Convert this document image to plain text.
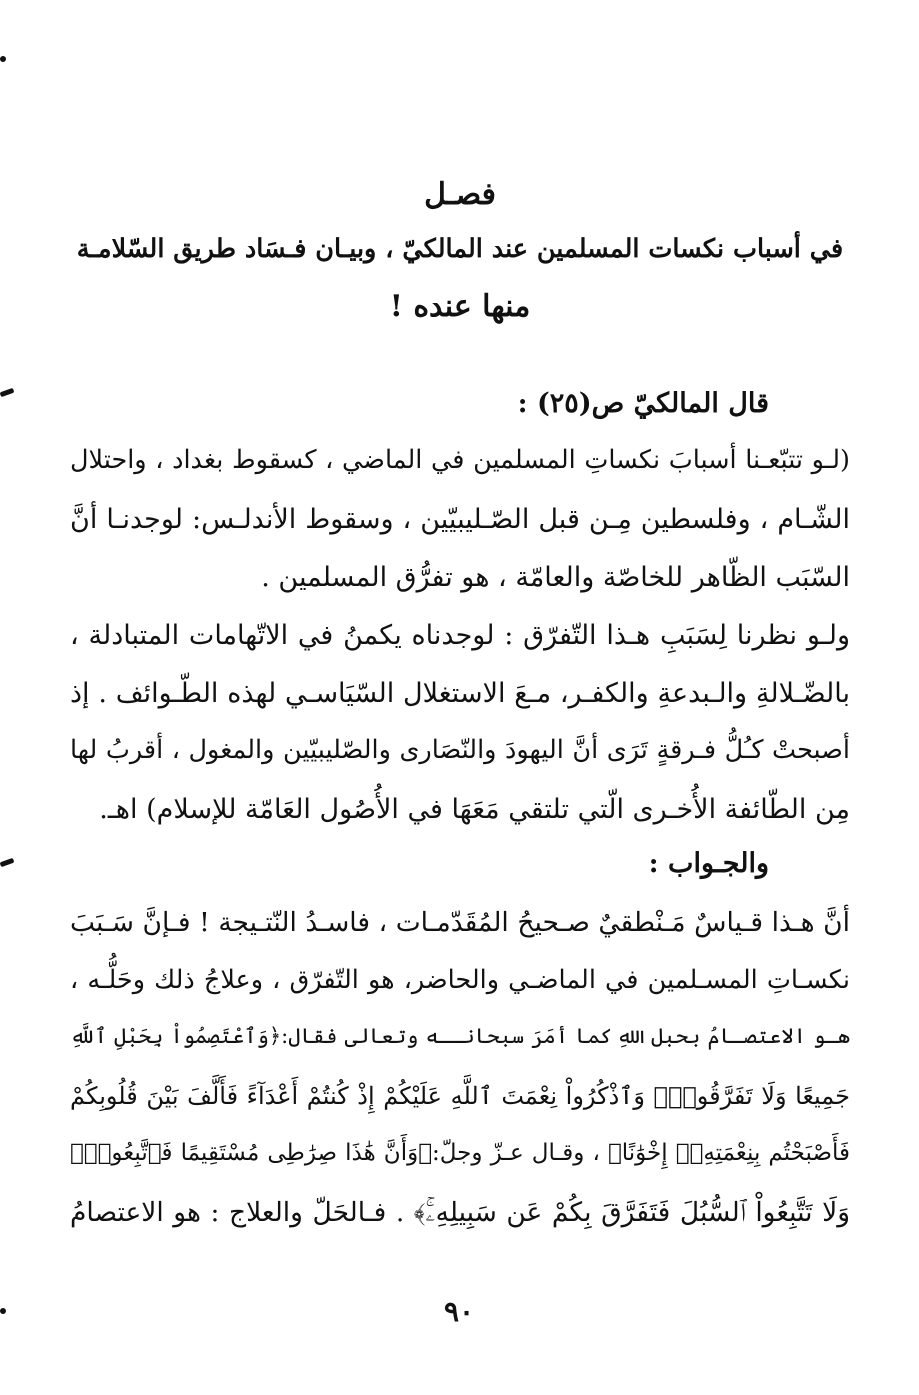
فصـل
في أسباب نكسات المسلمين عند المالكيّ ، وبيـان فـسَاد طريق السّلامـة
منها عنده !
قال المالكيّ ص(٢٥) :
(لـو تتبّعـنا أسبابَ نكساتِ المسلمين في الماضي ، كسقوط بغداد ، واحتلال
الشّـام ، وفلسطين مِـن قبل الصّـليبيّين ، وسقوط الأندلـس: لوجدنـا أنَّ
السّبَب الظّاهر للخاصّة والعامّة ، هو تفرُّق المسلمين .
ولـو نظرنا لِسَبَبِ هـذا التّفرّق : لوجدناه يكمنُ في الاتّهامات المتبادلة ،
بالضّـلالةِ والـبدعةِ والكفـر، مـعَ الاستغلال السّيَاسـي لهذه الطّـوائف . إذ
أصبحتْ كـُلُّ فـرقةٍ تَرَى أنَّ اليهودَ والنّصَارى والصّليبيّين والمغول ، أقربُ لها
مِن الطّائفة الأُخـرى الّتي تلتقي مَعَهَا في الأُصُول العَامّة للإسلام) اهـ.
والجـواب :
أنَّ هـذا قـياسٌ مَـنْطقيٌ صـحيحُ المُقَدّمـات ، فاسـدُ النّتـيجة ! فـإنَّ سَـبَبَ
نكسـاتِ المسـلمين في الماضـي والحاضر، هو التّفرّق ، وعلاجُ ذلك وحَلُّـه ،
هـو الاعتصـامُ بحبل اللهِ كما أمَرَ سبحانــه وتعالى فقال:﴿وَٱعْتَصِمُواْ بِحَبْلِ ٱللَّهِ
جَمِيعًا وَلَا تَفَرَّقُواْۚ وَٱذْكُرُواْ نِعْمَتَ ٱللَّهِ عَلَيْكُمْ إِذْ كُنتُمْ أَعْدَآءً فَأَلَّفَ بَيْنَ قُلُوبِكُمْ
فَأَصْبَحْتُم بِنِعْمَتِهِۦٓ إِخْوَٰنًا﴾ ، وقـال عـزّ وجلّ:﴿وَأَنَّ هَٰذَا صِرَٰطِى مُسْتَقِيمًا فَٱتَّبِعُوهُۖ
وَلَا تَتَّبِعُواْ ٱلسُّبُلَ فَتَفَرَّقَ بِكُمْ عَن سَبِيلِهِۦۚ﴾ . فـالحَلّ والعلاج : هو الاعتصامُ
٩٠
